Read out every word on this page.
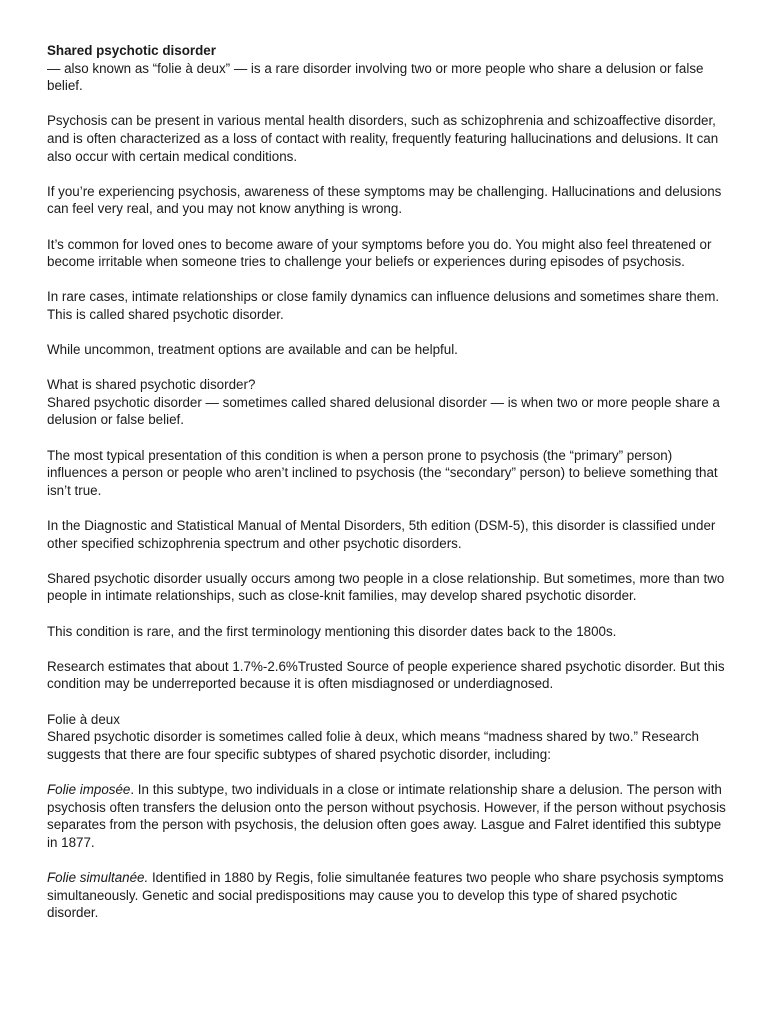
Shared psychotic disorder
— also known as “folie à deux” — is a rare disorder involving two or more people who share a delusion or false belief.

Psychosis can be present in various mental health disorders, such as schizophrenia and schizoaffective disorder, and is often characterized as a loss of contact with reality, frequently featuring hallucinations and delusions. It can also occur with certain medical conditions.

If you’re experiencing psychosis, awareness of these symptoms may be challenging. Hallucinations and delusions can feel very real, and you may not know anything is wrong.

It’s common for loved ones to become aware of your symptoms before you do. You might also feel threatened or become irritable when someone tries to challenge your beliefs or experiences during episodes of psychosis.

In rare cases, intimate relationships or close family dynamics can influence delusions and sometimes share them. This is called shared psychotic disorder.

While uncommon, treatment options are available and can be helpful.

What is shared psychotic disorder?
Shared psychotic disorder — sometimes called shared delusional disorder — is when two or more people share a delusion or false belief.

The most typical presentation of this condition is when a person prone to psychosis (the “primary” person) influences a person or people who aren’t inclined to psychosis (the “secondary” person) to believe something that isn’t true.

In the Diagnostic and Statistical Manual of Mental Disorders, 5th edition (DSM-5), this disorder is classified under other specified schizophrenia spectrum and other psychotic disorders.

Shared psychotic disorder usually occurs among two people in a close relationship. But sometimes, more than two people in intimate relationships, such as close-knit families, may develop shared psychotic disorder.

This condition is rare, and the first terminology mentioning this disorder dates back to the 1800s.

Research estimates that about 1.7%-2.6%Trusted Source of people experience shared psychotic disorder. But this condition may be underreported because it is often misdiagnosed or underdiagnosed.

Folie à deux
Shared psychotic disorder is sometimes called folie à deux, which means “madness shared by two.” Research suggests that there are four specific subtypes of shared psychotic disorder, including:

Folie imposée. In this subtype, two individuals in a close or intimate relationship share a delusion. The person with psychosis often transfers the delusion onto the person without psychosis. However, if the person without psychosis separates from the person with psychosis, the delusion often goes away. Lasgue and Falret identified this subtype in 1877.

Folie simultanée. Identified in 1880 by Regis, folie simultanée features two people who share psychosis symptoms simultaneously. Genetic and social predispositions may cause you to develop this type of shared psychotic disorder.
